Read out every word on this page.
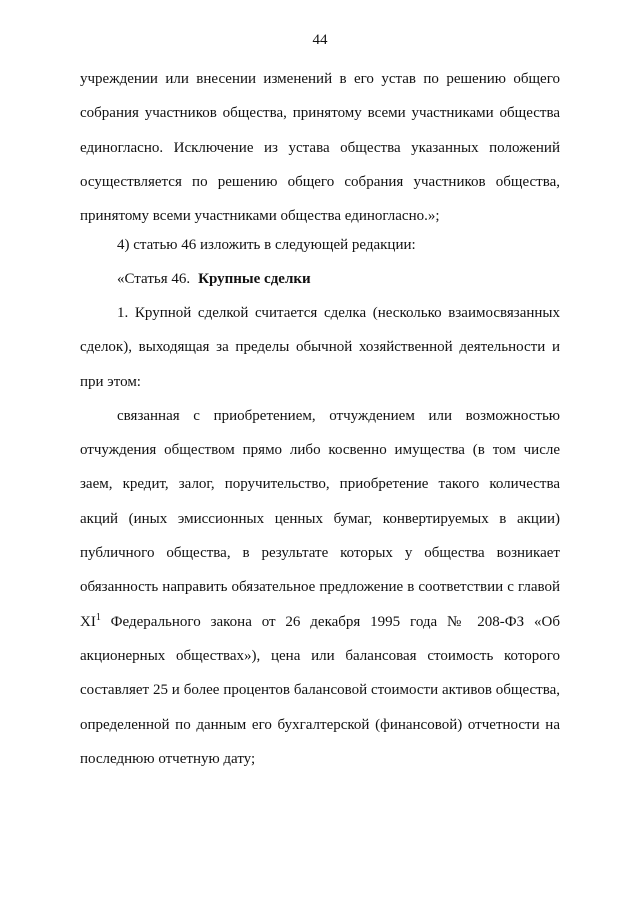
44

учреждении или внесении изменений в его устав по решению общего собрания участников общества, принятому всеми участниками общества единогласно. Исключение из устава общества указанных положений осуществляется по решению общего собрания участников общества, принятому всеми участниками общества единогласно.»;

4) статью 46 изложить в следующей редакции:

«Статья 46. Крупные сделки

1. Крупной сделкой считается сделка (несколько взаимосвязанных сделок), выходящая за пределы обычной хозяйственной деятельности и при этом:

связанная с приобретением, отчуждением или возможностью отчуждения обществом прямо либо косвенно имущества (в том числе заем, кредит, залог, поручительство, приобретение такого количества акций (иных эмиссионных ценных бумаг, конвертируемых в акции) публичного общества, в результате которых у общества возникает обязанность направить обязательное предложение в соответствии с главой $XI^1$ Федерального закона от 26 декабря 1995 года № 208-ФЗ «Об акционерных обществах»), цена или балансовая стоимость которого составляет 25 и более процентов балансовой стоимости активов общества, определенной по данным его бухгалтерской (финансовой) отчетности на последнюю отчетную дату;
